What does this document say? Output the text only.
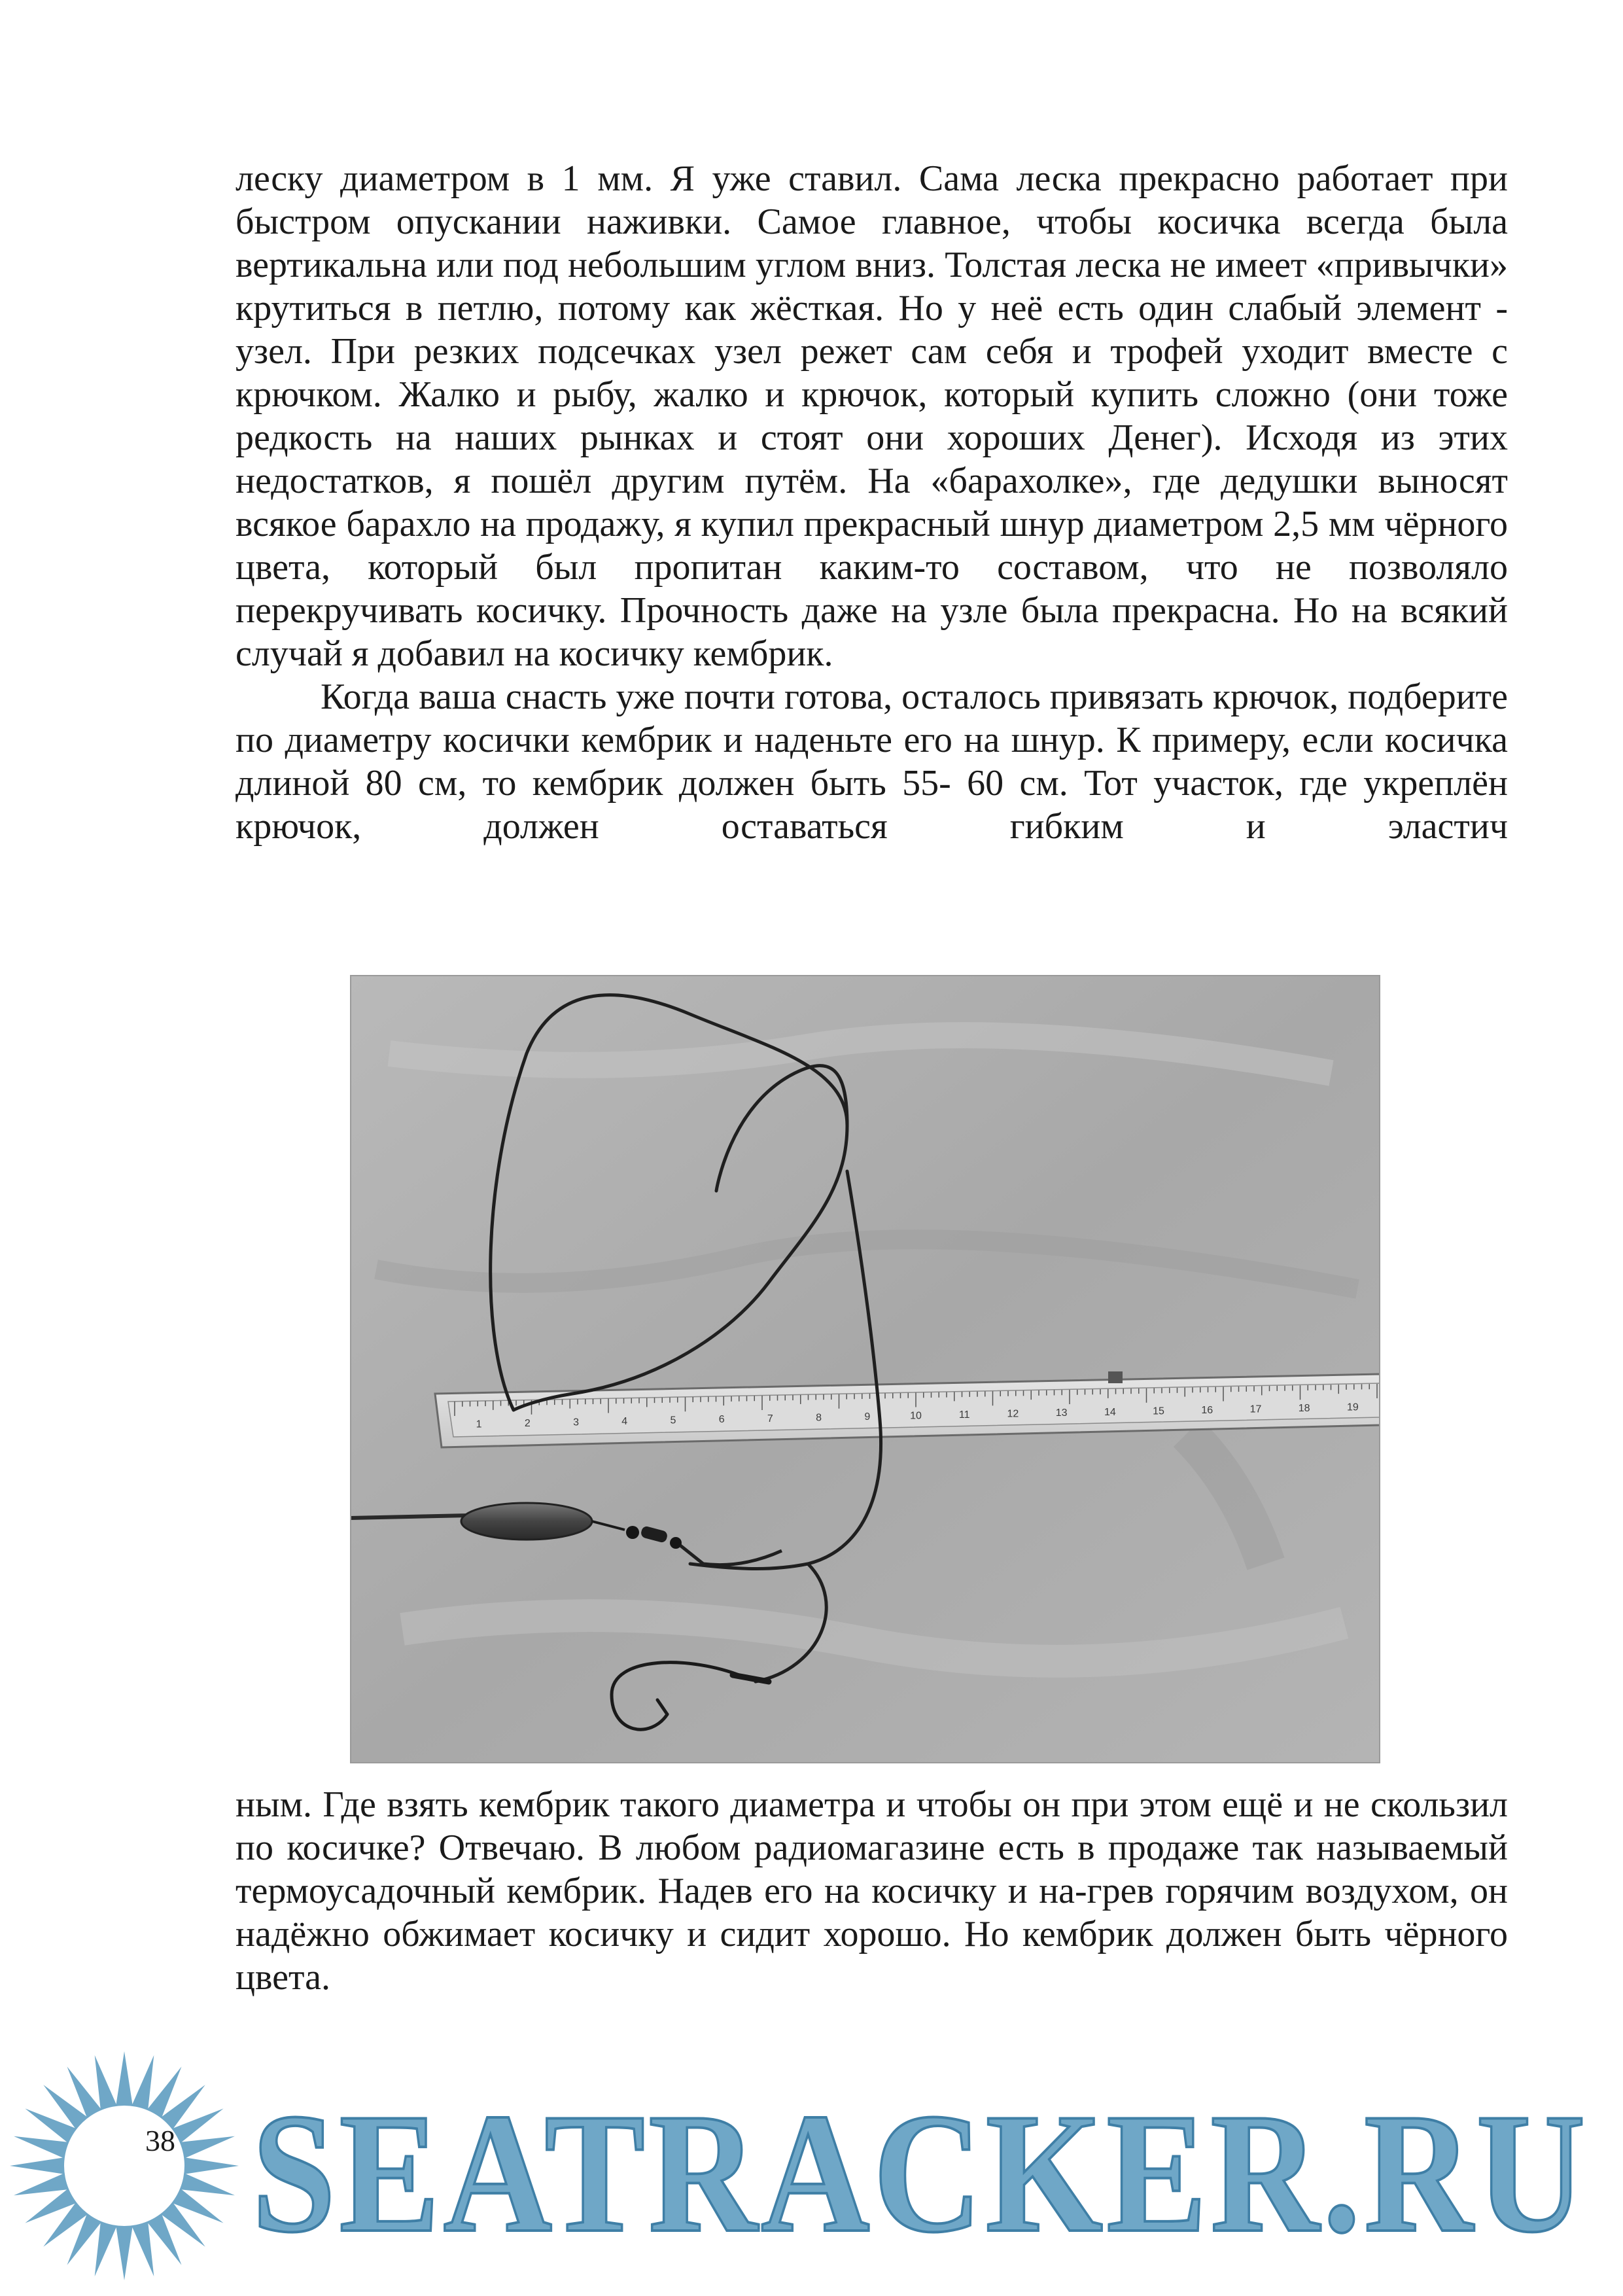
леску диаметром в 1 мм. Я уже ставил. Сама леска прекрасно работает при быстром опускании наживки. Самое главное, чтобы косичка всегда была вертикальна или под небольшим углом вниз. Толстая леска не имеет «привычки» крутиться в петлю, потому как жёсткая. Но у неё есть один слабый элемент - узел. При резких подсечках узел режет сам себя и трофей уходит вместе с крючком. Жалко и рыбу, жалко и крючок, который купить сложно (они тоже редкость на наших рынках и стоят они хороших Денег). Исходя из этих недостатков, я пошёл другим путём. На «барахолке», где дедушки выносят всякое барахло на продажу, я купил прекрасный шнур диаметром 2,5 мм чёрного цвета, который был пропитан каким-то составом, что не позволяло перекручивать косичку. Прочность даже на узле была прекрасна. Но на всякий случай я добавил на косичку кембрик.

Когда ваша снасть уже почти готова, осталось привязать крючок, подберите по диаметру косички кембрик и наденьте его на шнур. К примеру, если косичка длиной 80 см, то кембрик должен быть 55- 60 см. Тот участок, где укреплён крючок, должен оставаться гибким и эластич

1	2	3	4	5	6	7	8	9	10	11	12	13	14	15	16	17	18	19

ным. Где взять кембрик такого диаметра и чтобы он при этом ещё и не скользил по косичке? Отвечаю. В любом радиомагазине есть в продаже так называемый термоусадочный кембрик. Надев его на косичку и на-грев горячим воздухом, он надёжно обжимает косичку и сидит хорошо. Но кембрик должен быть чёрного цвета.

38 SEATRACKER.RU
